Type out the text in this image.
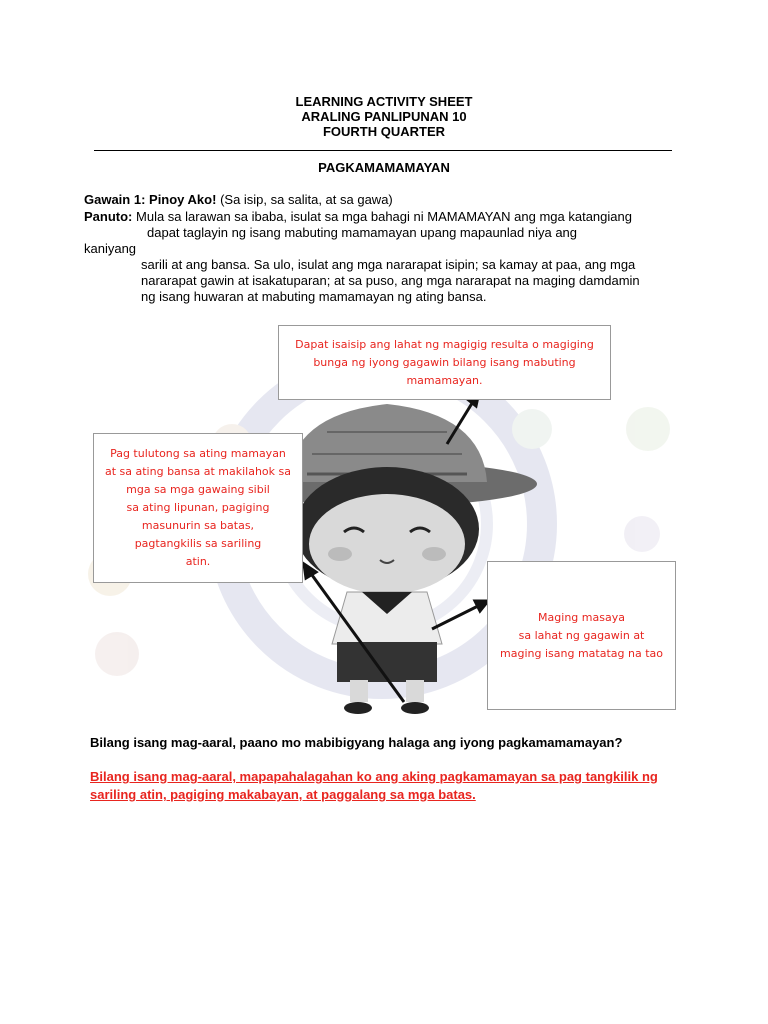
LEARNING ACTIVITY SHEET
ARALING PANLIPUNAN 10
FOURTH QUARTER
PAGKAMAMAMAYAN
Gawain 1: Pinoy Ako! (Sa isip, sa salita, at sa gawa)
Panuto: Mula sa larawan sa ibaba, isulat sa mga bahagi ni MAMAMAYAN ang mga katangiang
dapat taglayin ng isang mabuting mamamayan upang mapaunlad niya ang
kaniyang
sarili at ang bansa. Sa ulo, isulat ang mga nararapat isipin; sa kamay at paa, ang mga
nararapat gawin at isakatuparan; at sa puso, ang mga nararapat na maging damdamin
ng isang huwaran at mabuting mamamayan ng ating bansa.
Dapat isaisip ang lahat ng magigig resulta o magiging
bunga ng iyong gagawin bilang isang mabuting
mamamayan.
Pag tulutong sa ating mamayan
at sa ating bansa at makilahok sa
mga sa mga gawaing sibil
sa ating lipunan, pagiging
masunurin sa batas,
pagtangkilis sa sariling
atin.
Maging masaya
sa lahat ng gagawin at
maging isang matatag na tao
Bilang isang mag-aaral, paano mo mabibigyang halaga ang iyong pagkamamamayan?
Bilang isang mag-aaral, mapapahalagahan ko ang aking pagkamamayan sa pag tangkilik ng sariling atin, pagiging makabayan, at paggalang sa mga batas.
